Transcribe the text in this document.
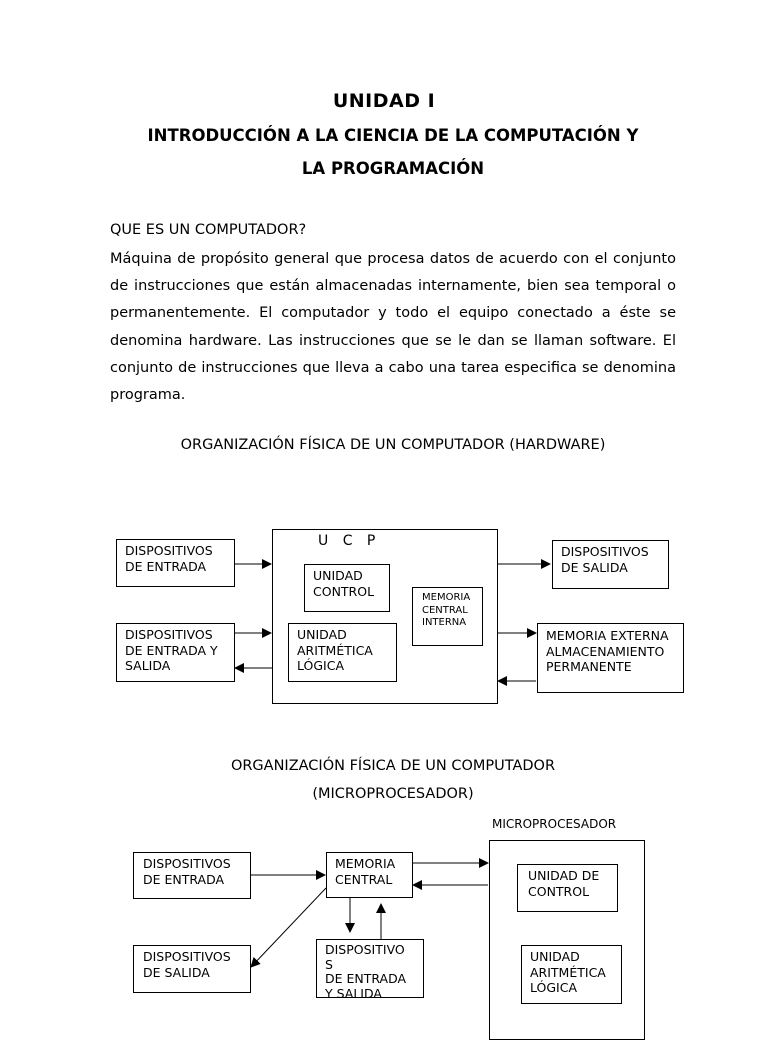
UNIDAD I
INTRODUCCIÓN A LA CIENCIA DE LA COMPUTACIÓN Y
LA PROGRAMACIÓN
QUE ES UN COMPUTADOR?
Máquina de propósito general que procesa datos de acuerdo con el conjunto de instrucciones que están almacenadas internamente, bien sea temporal o permanentemente. El computador y todo el equipo conectado a éste se denomina hardware. Las instrucciones que se le dan se llaman software. El conjunto de instrucciones que lleva a cabo una tarea especifica se denomina programa.
ORGANIZACIÓN FÍSICA DE UN COMPUTADOR (HARDWARE)
U C P
DISPOSITIVOS
DE ENTRADA
DISPOSITIVOS
DE ENTRADA Y
SALIDA
UNIDAD
CONTROL
UNIDAD
ARITMÉTICA
LÓGICA
MEMORIA
CENTRAL
INTERNA
DISPOSITIVOS
DE SALIDA
MEMORIA EXTERNA
ALMACENAMIENTO
PERMANENTE
ORGANIZACIÓN FÍSICA DE UN COMPUTADOR
(MICROPROCESADOR)
MICROPROCESADOR
DISPOSITIVOS
DE ENTRADA
MEMORIA
CENTRAL
DISPOSITIVOS
DE SALIDA
DISPOSITIVO
S
DE ENTRADA
Y SALIDA
UNIDAD DE
CONTROL
UNIDAD
ARITMÉTICA
LÓGICA
